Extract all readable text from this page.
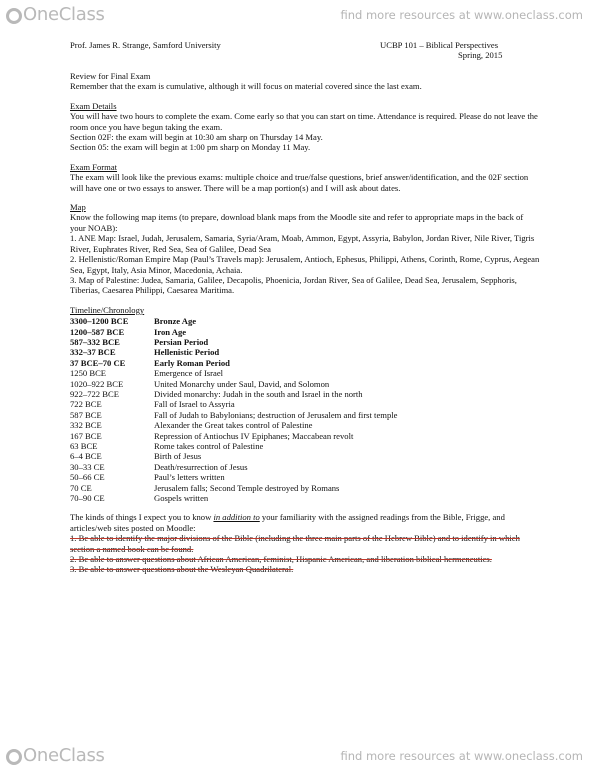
OneClass	find more resources at www.oneclass.com
Prof. James R. Strange, Samford University	UCBP 101 – Biblical Perspectives
Spring, 2015

Review for Final Exam

Remember that the exam is cumulative, although it will focus on material covered since the last exam.

Exam Details

You will have two hours to complete the exam. Come early so that you can start on time. Attendance is required. Please do not leave the room once you have begun taking the exam.

Section 02F: the exam will begin at 10:30 am sharp on Thursday 14 May.

Section 05: the exam will begin at 1:00 pm sharp on Monday 11 May.

Exam Format

The exam will look like the previous exams: multiple choice and true/false questions, brief answer/identification, and the 02F section will have one or two essays to answer. There will be a map portion(s) and I will ask about dates.

Map

Know the following map items (to prepare, download blank maps from the Moodle site and refer to appropriate maps in the back of your NOAB):

1. ANE Map: Israel, Judah, Jerusalem, Samaria, Syria/Aram, Moab, Ammon, Egypt, Assyria, Babylon, Jordan River, Nile River, Tigris River, Euphrates River, Red Sea, Sea of Galilee, Dead Sea

2. Hellenistic/Roman Empire Map (Paul’s Travels map): Jerusalem, Antioch, Ephesus, Philippi, Athens, Corinth, Rome, Cyprus, Aegean Sea, Egypt, Italy, Asia Minor, Macedonia, Achaia.

3. Map of Palestine: Judea, Samaria, Galilee, Decapolis, Phoenicia, Jordan River, Sea of Galilee, Dead Sea, Jerusalem, Sepphoris, Tiberias, Caesarea Philippi, Caesarea Maritima.

Timeline/Chronology

3300–1200 BCE	Bronze Age
1200–587 BCE	Iron Age
587–332 BCE	Persian Period
332–37 BCE	Hellenistic Period
37 BCE–70 CE	Early Roman Period
1250 BCE	Emergence of Israel
1020–922 BCE	United Monarchy under Saul, David, and Solomon
922–722 BCE	Divided monarchy: Judah in the south and Israel in the north
722 BCE	Fall of Israel to Assyria
587 BCE	Fall of Judah to Babylonians; destruction of Jerusalem and first temple
332 BCE	Alexander the Great takes control of Palestine
167 BCE	Repression of Antiochus IV Epiphanes; Maccabean revolt
63 BCE	Rome takes control of Palestine
6–4 BCE	Birth of Jesus
30–33 CE	Death/resurrection of Jesus
50–66 CE	Paul’s letters written
70 CE	Jerusalem falls; Second Temple destroyed by Romans
70–90 CE	Gospels written

The kinds of things I expect you to know in addition to your familiarity with the assigned readings from the Bible, Frigge, and articles/web sites posted on Moodle:

1. Be able to identify the major divisions of the Bible (including the three main parts of the Hebrew Bible) and to identify in which section a named book can be found.

2. Be able to answer questions about African American, feminist, Hispanic American, and liberation biblical hermeneutics.

3. Be able to answer questions about the Wesleyan Quadrilateral.

OneClass	find more resources at www.oneclass.com
